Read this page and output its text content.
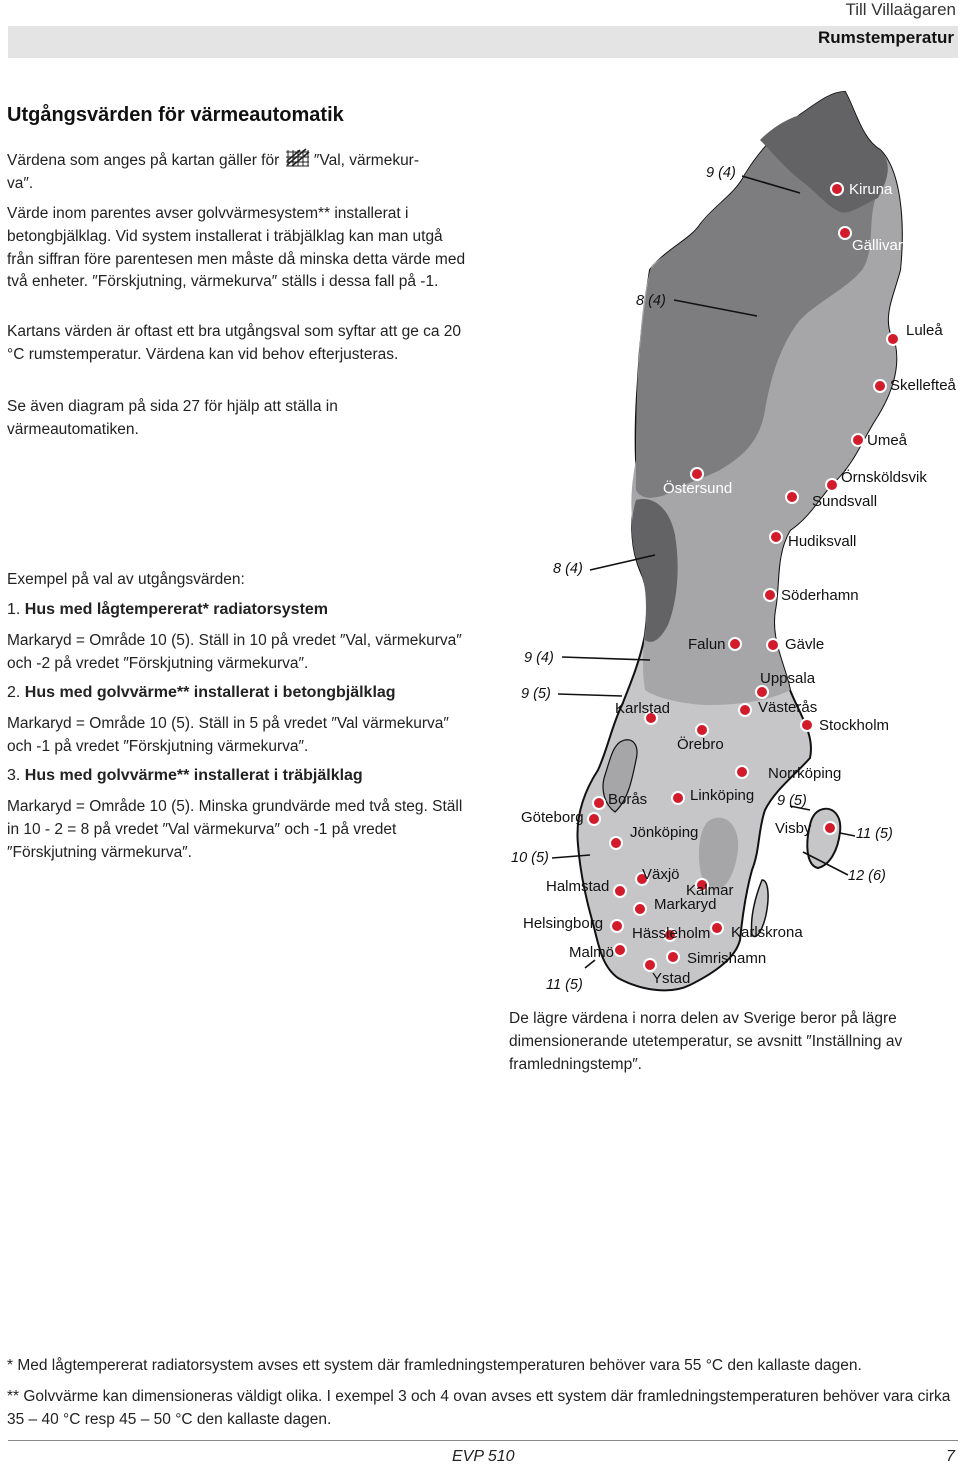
Till Villaägaren
Rumstemperatur
Utgångsvärden för värmeautomatik
Värdena som anges på kartan gäller för  ″Val, värmekur-
va″.
Värde inom parentes avser golvvärmesystem** installerat i betongbjälklag. Vid system installerat i träbjälklag kan man utgå från siffran före parentesen men måste då minska detta värde med två enheter. ″Förskjutning, värmekurva″ ställs i dessa fall på -1.
Kartans värden är oftast ett bra utgångsval som syftar att ge ca 20 °C rumstemperatur. Värdena kan vid behov efterjusteras.
Se även diagram på sida 27 för hjälp att ställa in värmeautomatiken.
Exempel på val av utgångsvärden:
1. Hus med lågtempererat* radiatorsystem
Markaryd = Område 10 (5). Ställ in 10 på vredet ″Val, värmekurva″ och -2 på vredet ″Förskjutning värmekurva″.
2. Hus med golvvärme** installerat i betongbjälklag
Markaryd = Område 10 (5). Ställ in 5 på vredet ″Val värmekurva″ och -1 på vredet ″Förskjutning värmekurva″.
3. Hus med golvvärme** installerat i träbjälklag
Markaryd = Område 10 (5). Minska grundvärde med två steg. Ställ in 10 - 2 = 8 på vredet ″Val värmekurva″ och -1 på vredet ″Förskjutning värmekurva″.
9 (4)
8 (4)
8 (4)
9 (4)
9 (5)
10 (5)
9 (5)
11 (5)
12 (6)
11 (5)
Kiruna
Gällivare
Luleå
Skellefteå
Umeå
Örnsköldsvik
Östersund
Sundsvall
Hudiksvall
Söderhamn
Falun	Gävle
Uppsala
Karlstad	Västerås
Stockholm
Örebro
Norrköping
Borås	Linköping
Göteborg
Jönköping	Visby
Växjö
Halmstad	Kalmar
Markaryd
Helsingborg
Hässleholm Karlskrona
Malmö	Simrishamn
Ystad
De lägre värdena i norra delen av Sverige beror på lägre dimensionerande utetemperatur, se avsnitt ″Inställning av framledningstemp″.
* Med lågtempererat radiatorsystem avses ett system där framledningstemperaturen behöver vara 55 °C den kallaste dagen.
** Golvvärme kan dimensioneras väldigt olika. I exempel 3 och 4 ovan avses ett system där framledningstemperaturen behöver vara cirka 35 – 40 °C resp 45 – 50 °C den kallaste dagen.
EVP 510	7
